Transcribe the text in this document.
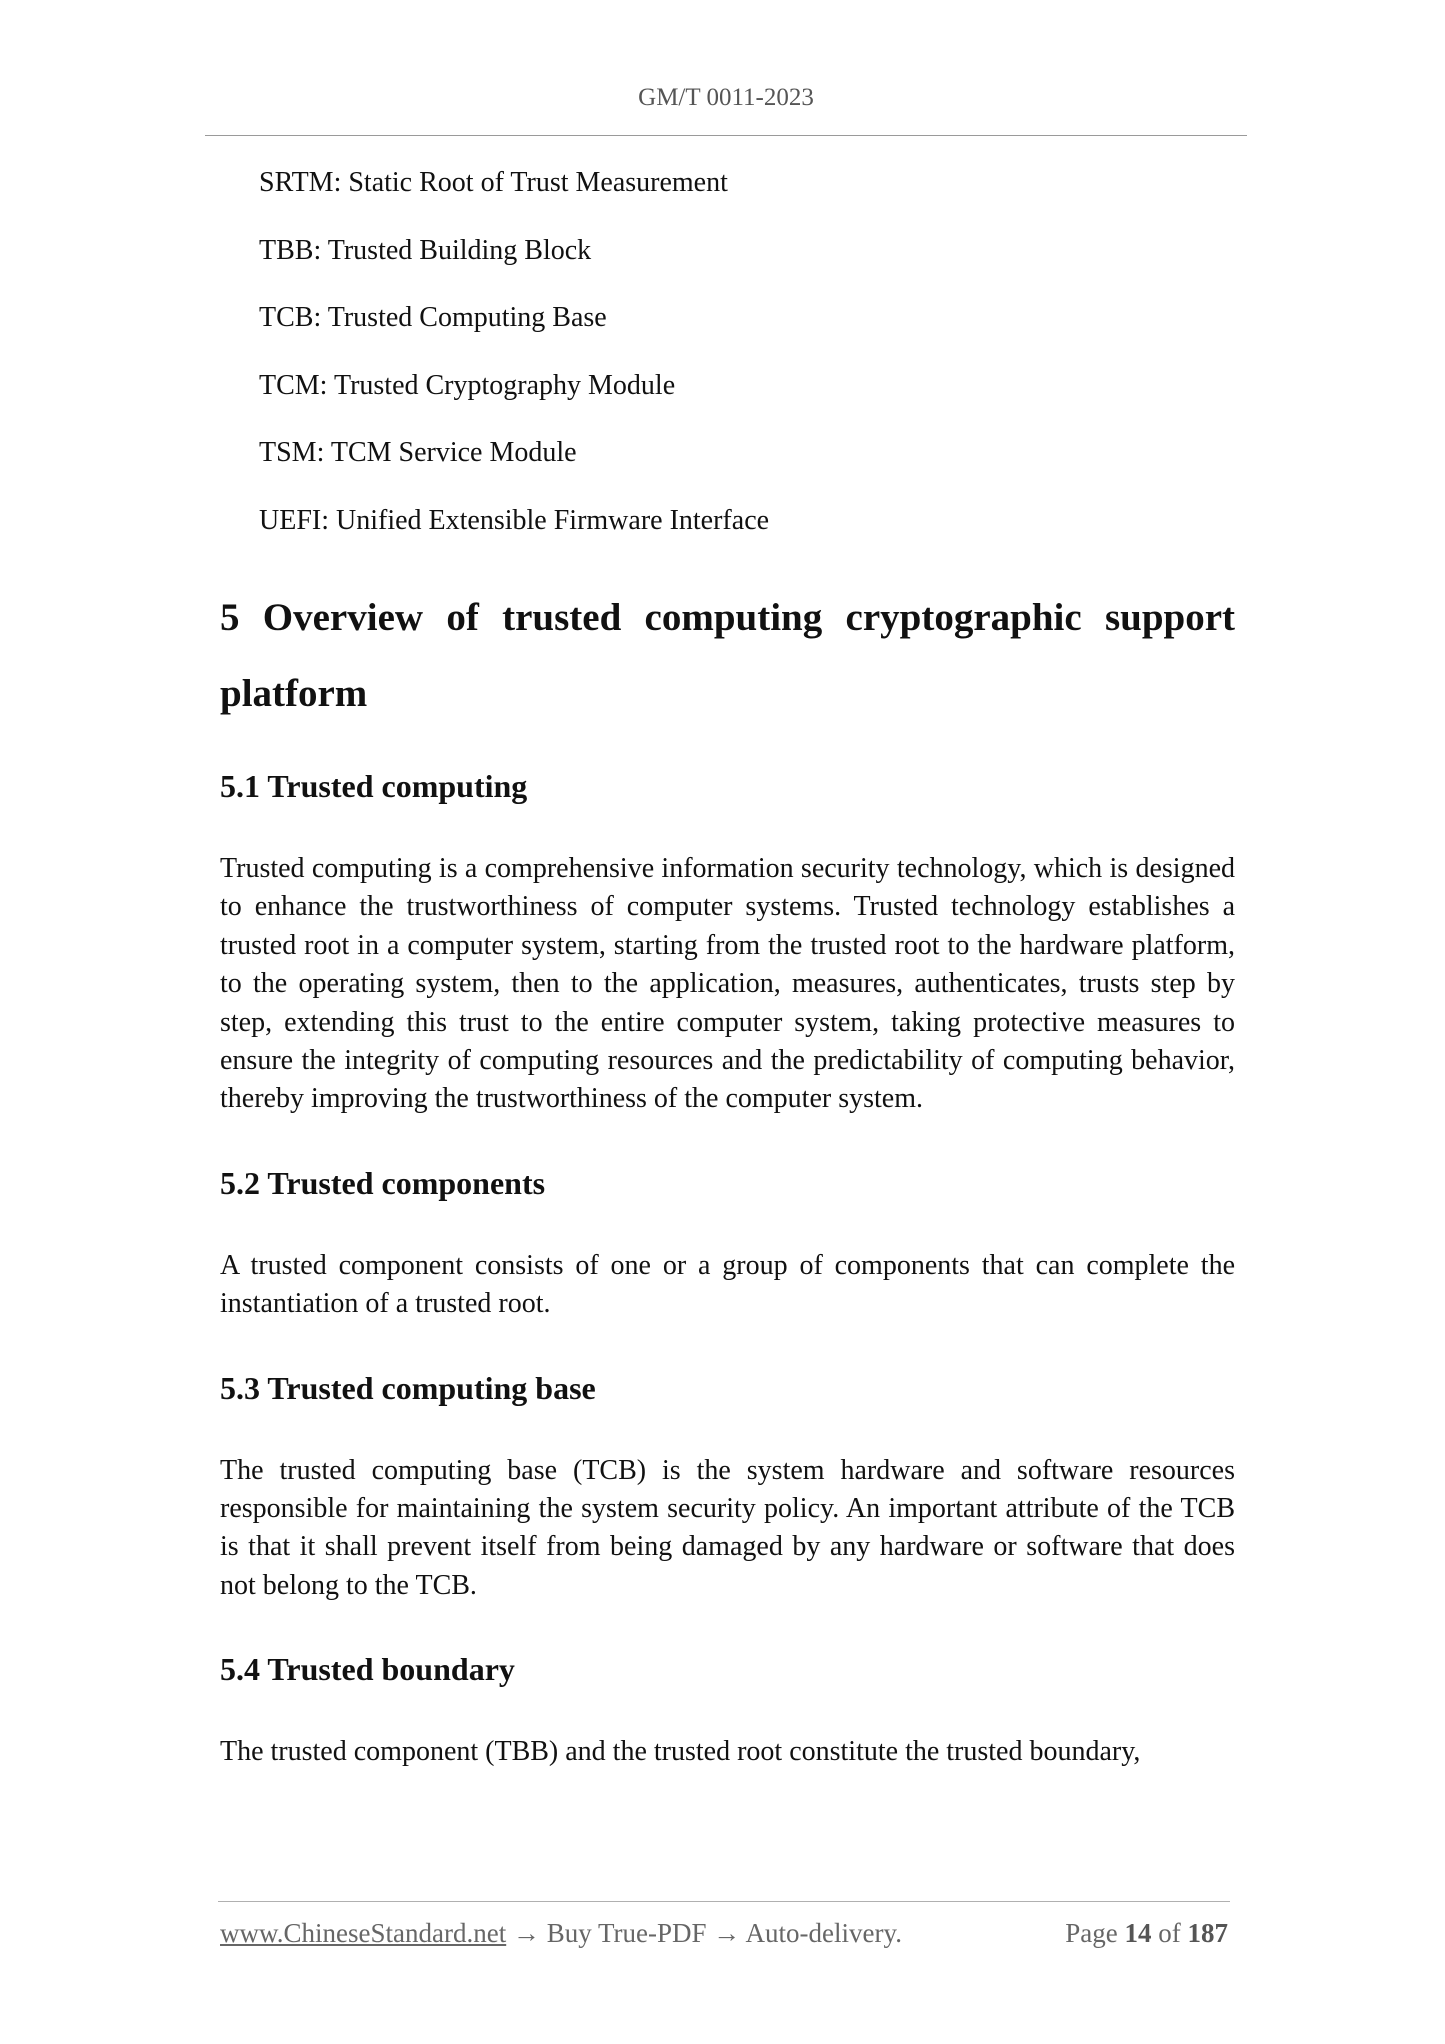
GM/T 0011-2023
SRTM: Static Root of Trust Measurement
TBB: Trusted Building Block
TCB: Trusted Computing Base
TCM: Trusted Cryptography Module
TSM: TCM Service Module
UEFI: Unified Extensible Firmware Interface
5 Overview of trusted computing cryptographic support platform
5.1 Trusted computing

Trusted computing is a comprehensive information security technology, which is designed to enhance the trustworthiness of computer systems. Trusted technology establishes a trusted root in a computer system, starting from the trusted root to the hardware platform, to the operating system, then to the application, measures, authenticates, trusts step by step, extending this trust to the entire computer system, taking protective measures to ensure the integrity of computing resources and the predictability of computing behavior, thereby improving the trustworthiness of the computer system.

5.2 Trusted components

A trusted component consists of one or a group of components that can complete the instantiation of a trusted root.

5.3 Trusted computing base

The trusted computing base (TCB) is the system hardware and software resources responsible for maintaining the system security policy. An important attribute of the TCB is that it shall prevent itself from being damaged by any hardware or software that does not belong to the TCB.

5.4 Trusted boundary

The trusted component (TBB) and the trusted root constitute the trusted boundary,

www.ChineseStandard.net → Buy True-PDF → Auto-delivery.	Page 14 of 187
